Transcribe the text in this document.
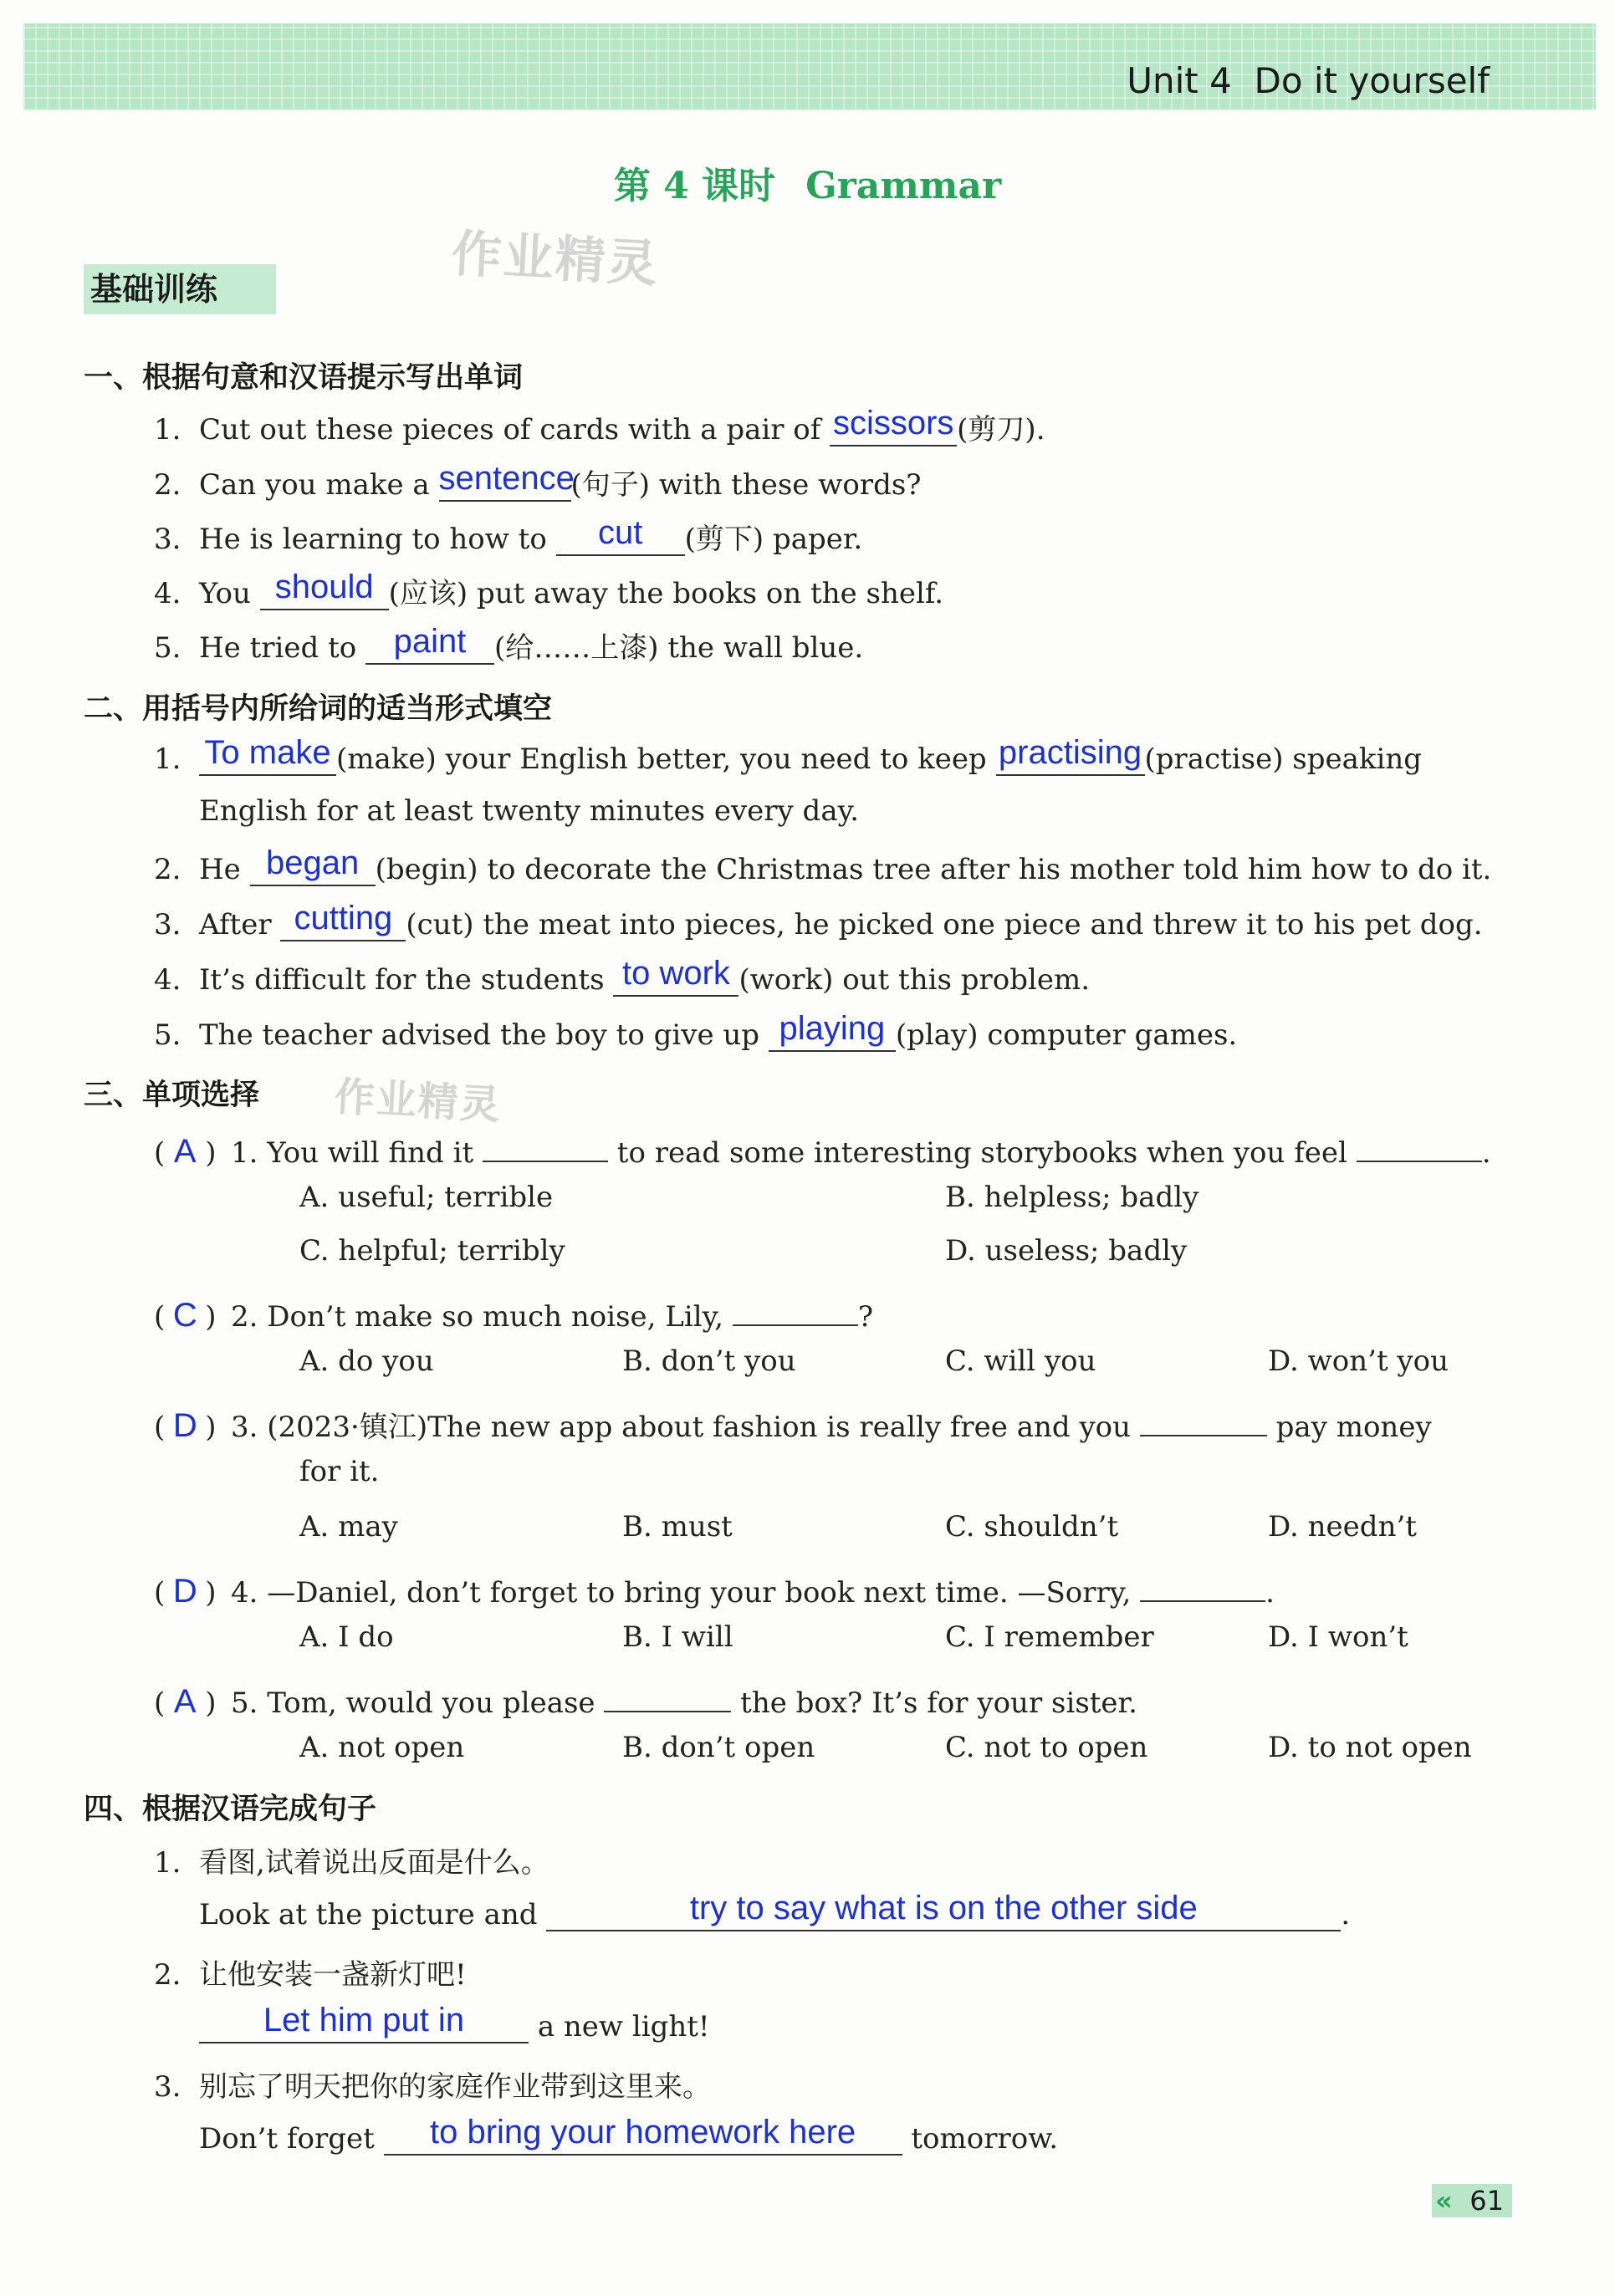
Unit 4 Do it yourself
第 4 课时 Grammar
作业精灵
作业精灵
基础训练
一、根据句意和汉语提示写出单词
1. Cut out these pieces of cards with a pair of scissors (剪刀).
2. Can you make a sentence(句子) with these words?
3. He is learning to how to cut (剪下) paper.
4. You should (应该) put away the books on the shelf.
5. He tried to paint (给……上漆) the wall blue.
二、用括号内所给词的适当形式填空
1. To make (make) your English better, you need to keep practising (practise) speaking
English for at least twenty minutes every day.
2. He began (begin) to decorate the Christmas tree after his mother told him how to do it.
3. After cutting (cut) the meat into pieces, he picked one piece and threw it to his pet dog.
4. It’s difficult for the students to work (work) out this problem.
5. The teacher advised the boy to give up playing (play) computer games.
三、单项选择
( A ) 1. You will find it	to read some interesting storybooks when you feel	.
A. useful; terrible	B. helpless; badly
C. helpful; terribly	D. useless; badly
( C ) 2. Don’t make so much noise, Lily,	?
A. do you	B. don’t you	C. will you	D. won’t you
( D ) 3. (2023·镇江)The new app about fashion is really free and you	pay money
for it.
A. may	B. must	C. shouldn’t	D. needn’t
( D ) 4. —Daniel, don’t forget to bring your book next time. —Sorry,	.
A. I do	B. I will	C. I remember	D. I won’t
( A ) 5. Tom, would you please	the box? It’s for your sister.
A. not open	B. don’t open	C. not to open	D. to not open
四、根据汉语完成句子
1. 看图,试着说出反面是什么。
Look at the picture and	try to say what is on the other side	.
2. 让他安装一盏新灯吧!
Let him put in	a new light!
3. 别忘了明天把你的家庭作业带到这里来。
Don’t forget to bring your homework here tomorrow.
« 61
